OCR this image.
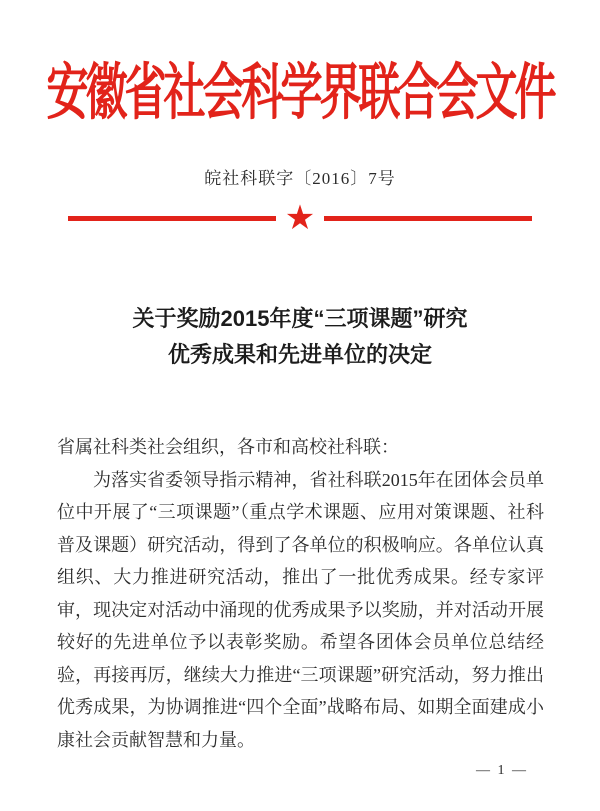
安徽省社会科学界联合会文件
皖社科联字〔2016〕7号
★
关于奖励2015年度“三项课题”研究
优秀成果和先进单位的决定

省属社科类社会组织，各市和高校社科联：

为落实省委领导指示精神，省社科联2015年在团体会员单位中开展了“三项课题”（重点学术课题、应用对策课题、社科普及课题）研究活动，得到了各单位的积极响应。各单位认真组织、大力推进研究活动，推出了一批优秀成果。经专家评审，现决定对活动中涌现的优秀成果予以奖励，并对活动开展较好的先进单位予以表彰奖励。希望各团体会员单位总结经验，再接再厉，继续大力推进“三项课题”研究活动，努力推出优秀成果，为协调推进“四个全面”战略布局、如期全面建成小康社会贡献智慧和力量。

— 1 —
